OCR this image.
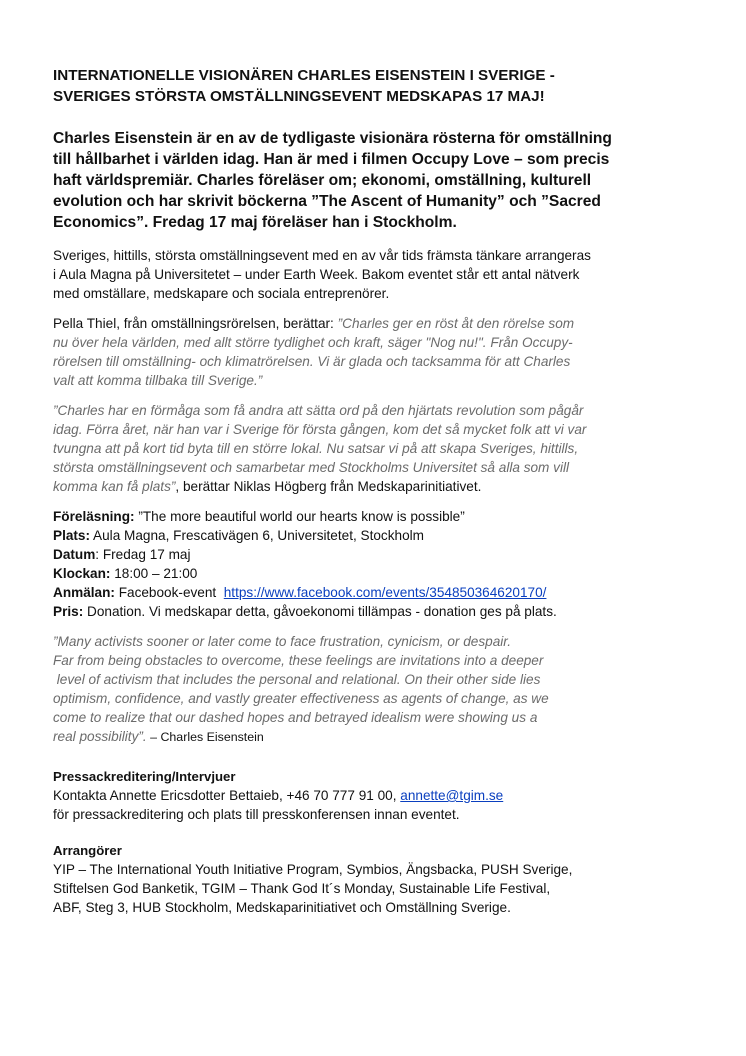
INTERNATIONELLE VISIONÄREN CHARLES EISENSTEIN I SVERIGE -
SVERIGES STÖRSTA OMSTÄLLNINGSEVENT MEDSKAPAS 17 MAJ!

Charles Eisenstein är en av de tydligaste visionära rösterna för omställning
till hållbarhet i världen idag. Han är med i filmen Occupy Love – som precis
haft världspremiär. Charles föreläser om; ekonomi, omställning, kulturell
evolution och har skrivit böckerna ”The Ascent of Humanity” och ”Sacred
Economics”. Fredag 17 maj föreläser han i Stockholm.

Sveriges, hittills, största omställningsevent med en av vår tids främsta tänkare arrangeras
i Aula Magna på Universitetet – under Earth Week. Bakom eventet står ett antal nätverk
med omställare, medskapare och sociala entreprenörer.

Pella Thiel, från omställningsrörelsen, berättar: ”Charles ger en röst åt den rörelse som
nu över hela världen, med allt större tydlighet och kraft, säger "Nog nu!". Från Occupy-
rörelsen till omställning- och klimatrörelsen. Vi är glada och tacksamma för att Charles
valt att komma tillbaka till Sverige.”

”Charles har en förmåga som få andra att sätta ord på den hjärtats revolution som pågår
idag. Förra året, när han var i Sverige för första gången, kom det så mycket folk att vi var
tvungna att på kort tid byta till en större lokal. Nu satsar vi på att skapa Sveriges, hittills,
största omställningsevent och samarbetar med Stockholms Universitet så alla som vill
komma kan få plats”, berättar Niklas Högberg från Medskaparinitiativet.

Föreläsning: ”The more beautiful world our hearts know is possible”
Plats: Aula Magna, Frescativägen 6, Universitetet, Stockholm
Datum: Fredag 17 maj
Klockan: 18:00 – 21:00
Anmälan: Facebook-event  https://www.facebook.com/events/354850364620170/
Pris: Donation. Vi medskapar detta, gåvoekonomi tillämpas - donation ges på plats.

”Many activists sooner or later come to face frustration, cynicism, or despair.
Far from being obstacles to overcome, these feelings are invitations into a deeper
level of activism that includes the personal and relational. On their other side lies
optimism, confidence, and vastly greater effectiveness as agents of change, as we
come to realize that our dashed hopes and betrayed idealism were showing us a
real possibility”. – Charles Eisenstein

Pressackreditering/Intervjuer
Kontakta Annette Ericsdotter Bettaieb, +46 70 777 91 00, annette@tgim.se
för pressackreditering och plats till presskonferensen innan eventet.
Arrangörer
YIP – The International Youth Initiative Program, Symbios, Ängsbacka, PUSH Sverige,
Stiftelsen God Banketik, TGIM – Thank God It´s Monday, Sustainable Life Festival,
ABF, Steg 3, HUB Stockholm, Medskaparinitiativet och Omställning Sverige.
